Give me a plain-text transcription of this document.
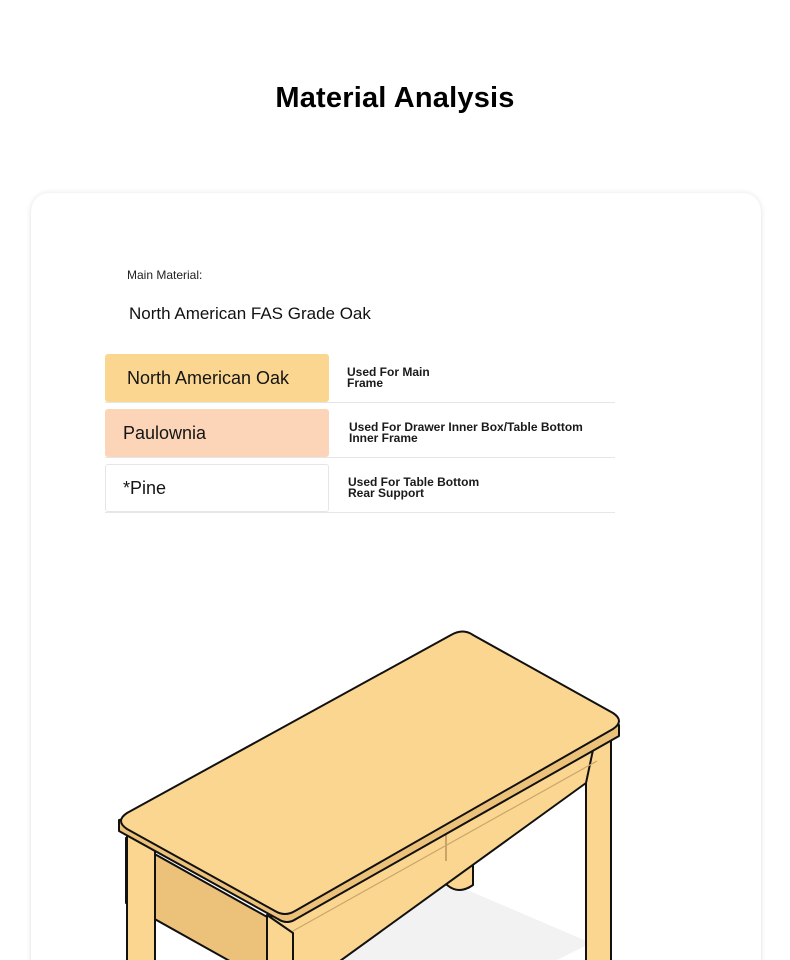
Material Analysis
Main Material:
North American FAS Grade Oak
North American Oak	Used For Main
Frame
Paulownia	Used For Drawer Inner Box/Table Bottom
Inner Frame
*Pine	Used For Table Bottom
Rear Support
